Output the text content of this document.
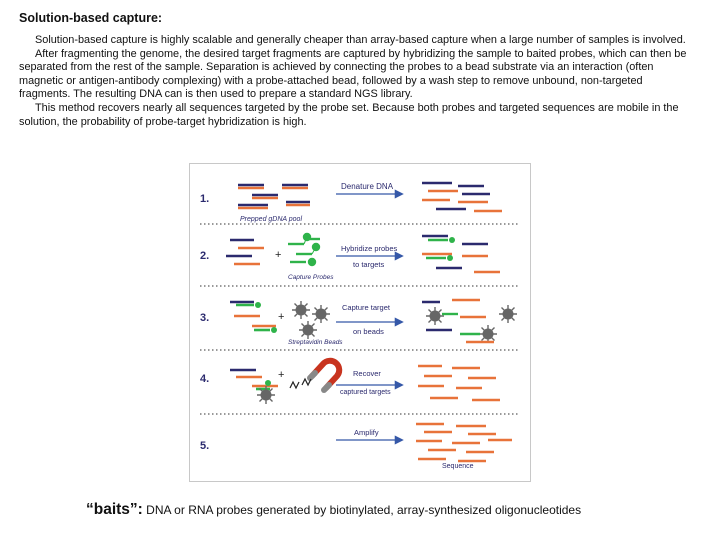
Solution-based capture:

Solution-based capture is highly scalable and generally cheaper than array-based capture when a large number of samples is involved.

After fragmenting the genome, the desired target fragments are captured by hybridizing the sample to baited probes, which can then be separated from the rest of the sample. Separation is achieved by connecting the probes to a bead substrate via an interaction (often magnetic or antigen-antibody complexing) with a probe-attached bead, followed by a wash step to remove unbound, non-targeted fragments. The resulting DNA can is then used to prepare a standard NGS library.

This method recovers nearly all sequences targeted by the probe set. Because both probes and targeted sequences are mobile in the solution, the probability of probe-target hybridization is high.

1.
Prepped gDNA pool
Denature DNA
2.	+
Capture Probes
Hybridize probes
to targets
3.	+
Streptavidin Beads
Capture target
on beads
4.	+	Recover
captured targets
5.
Amplify
Sequence
“baits”: DNA or RNA probes generated by biotinylated, array-synthesized oligonucleotides
